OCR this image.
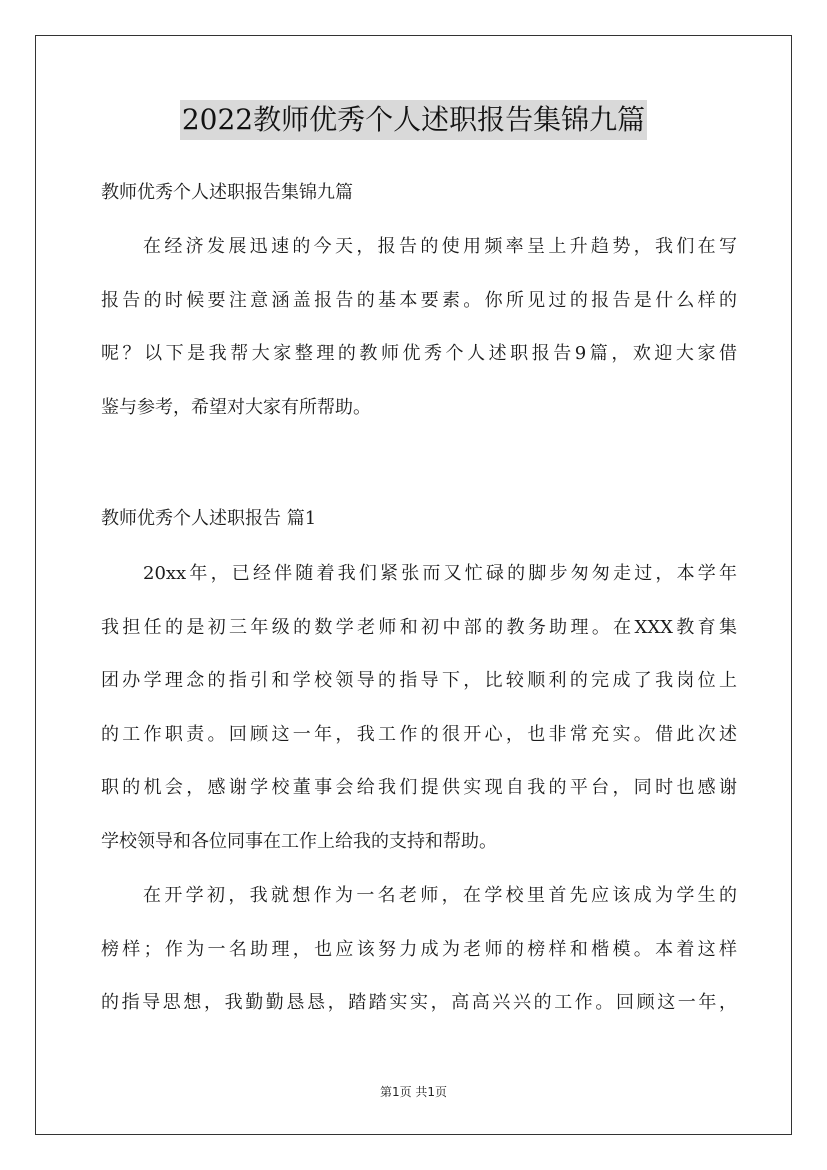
2022教师优秀个人述职报告集锦九篇
教师优秀个人述职报告集锦九篇
在经济发展迅速的今天，报告的使用频率呈上升趋势，我们在写
报告的时候要注意涵盖报告的基本要素。你所见过的报告是什么样的
呢？以下是我帮大家整理的教师优秀个人述职报告9篇，欢迎大家借
鉴与参考，希望对大家有所帮助。
教师优秀个人述职报告 篇1
20xx年，已经伴随着我们紧张而又忙碌的脚步匆匆走过，本学年
我担任的是初三年级的数学老师和初中部的教务助理。在XXX教育集
团办学理念的指引和学校领导的指导下，比较顺利的完成了我岗位上
的工作职责。回顾这一年，我工作的很开心，也非常充实。借此次述
职的机会，感谢学校董事会给我们提供实现自我的平台，同时也感谢
学校领导和各位同事在工作上给我的支持和帮助。
在开学初，我就想作为一名老师，在学校里首先应该成为学生的
榜样；作为一名助理，也应该努力成为老师的榜样和楷模。本着这样
的指导思想，我勤勤恳恳，踏踏实实，高高兴兴的工作。回顾这一年，
第1页 共1页
